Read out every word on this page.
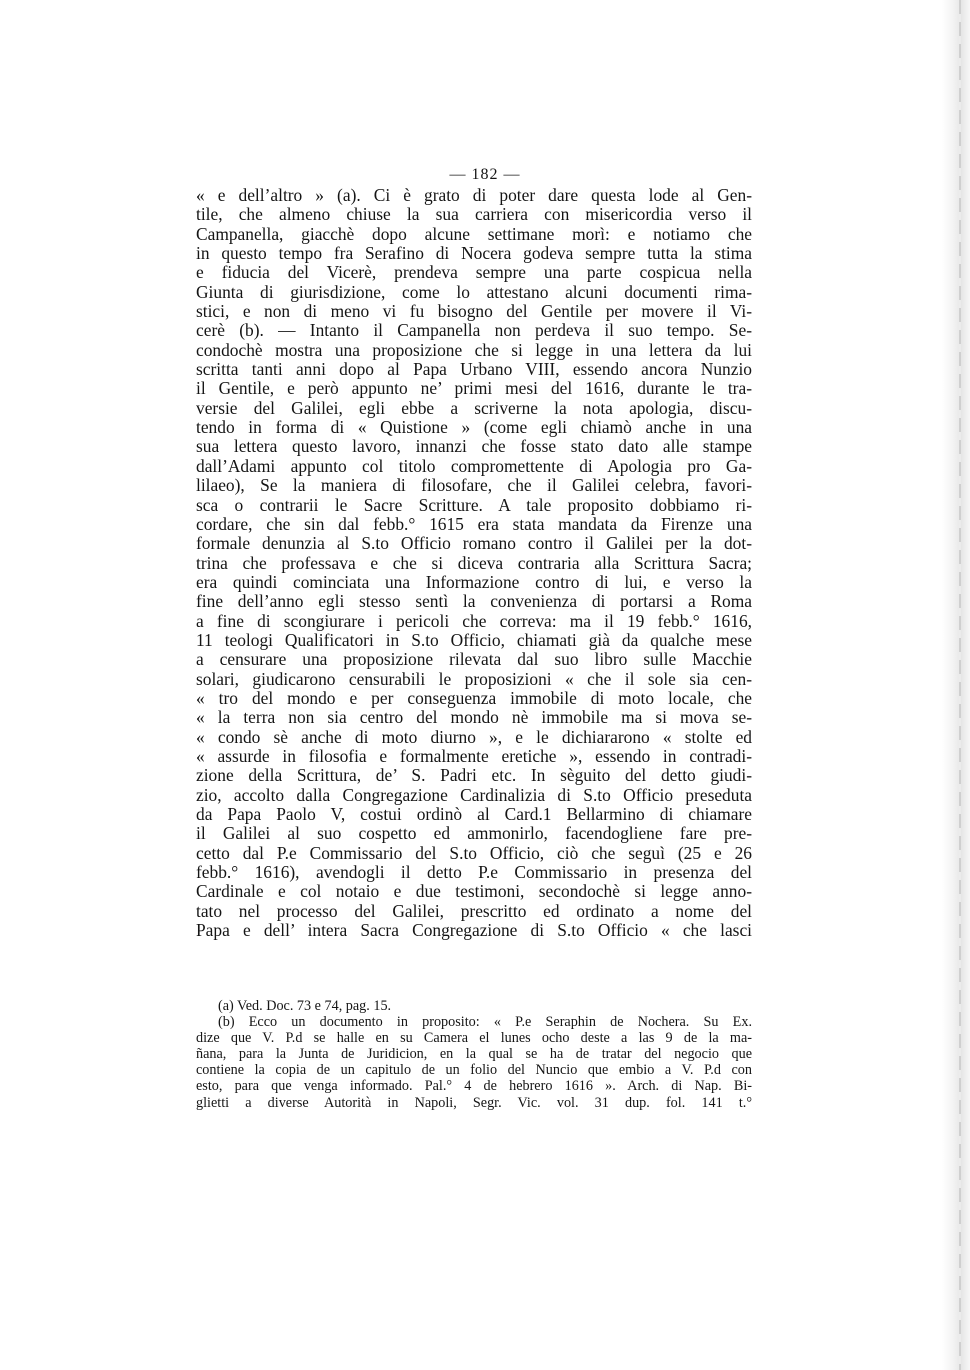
— 182 —
« e dell’altro » (a). Ci è grato di poter dare questa lode al Gen-
tile, che almeno chiuse la sua carriera con misericordia verso il
Campanella, giacchè dopo alcune settimane morì: e notiamo che
in questo tempo fra Serafino di Nocera godeva sempre tutta la stima
e fiducia del Vicerè, prendeva sempre una parte cospicua nella
Giunta di giurisdizione, come lo attestano alcuni documenti rima-
stici, e non di meno vi fu bisogno del Gentile per movere il Vi-
cerè (b). — Intanto il Campanella non perdeva il suo tempo. Se-
condochè mostra una proposizione che si legge in una lettera da lui
scritta tanti anni dopo al Papa Urbano VIII, essendo ancora Nunzio
il Gentile, e però appunto ne’ primi mesi del 1616, durante le tra-
versie del Galilei, egli ebbe a scriverne la nota apologia, discu-
tendo in forma di « Quistione » (come egli chiamò anche in una
sua lettera questo lavoro, innanzi che fosse stato dato alle stampe
dall’Adami appunto col titolo compromettente di Apologia pro Ga-
lilaeo), Se la maniera di filosofare, che il Galilei celebra, favori-
sca o contrarii le Sacre Scritture. A tale proposito dobbiamo ri-
cordare, che sin dal febb.° 1615 era stata mandata da Firenze una
formale denunzia al S.to Officio romano contro il Galilei per la dot-
trina che professava e che si diceva contraria alla Scrittura Sacra;
era quindi cominciata una Informazione contro di lui, e verso la
fine dell’anno egli stesso sentì la convenienza di portarsi a Roma
a fine di scongiurare i pericoli che correva: ma il 19 febb.° 1616,
11 teologi Qualificatori in S.to Officio, chiamati già da qualche mese
a censurare una proposizione rilevata dal suo libro sulle Macchie
solari, giudicarono censurabili le proposizioni « che il sole sia cen-
« tro del mondo e per conseguenza immobile di moto locale, che
« la terra non sia centro del mondo nè immobile ma si mova se-
« condo sè anche di moto diurno », e le dichiararono « stolte ed
« assurde in filosofia e formalmente eretiche », essendo in contradi-
zione della Scrittura, de’ S. Padri etc. In sèguito del detto giudi-
zio, accolto dalla Congregazione Cardinalizia di S.to Officio preseduta
da Papa Paolo V, costui ordinò al Card.1 Bellarmino di chiamare
il Galilei al suo cospetto ed ammonirlo, facendogliene fare pre-
cetto dal P.e Commissario del S.to Officio, ciò che seguì (25 e 26
febb.° 1616), avendogli il detto P.e Commissario in presenza del
Cardinale e col notaio e due testimoni, secondochè si legge anno-
tato nel processo del Galilei, prescritto ed ordinato a nome del
Papa e dell’ intera Sacra Congregazione di S.to Officio « che lasci
(a) Ved. Doc. 73 e 74, pag. 15.
(b) Ecco un documento in proposito: « P.e Seraphin de Nochera. Su Ex.
dize que V. P.d se halle en su Camera el lunes ocho deste a las 9 de la ma-
ñana, para la Junta de Juridicion, en la qual se ha de tratar del negocio que
contiene la copia de un capitulo de un folio del Nuncio que embio a V. P.d con
esto, para que venga informado. Pal.° 4 de hebrero 1616 ». Arch. di Nap. Bi-
glietti a diverse Autorità in Napoli, Segr. Vic. vol. 31 dup. fol. 141 t.°
